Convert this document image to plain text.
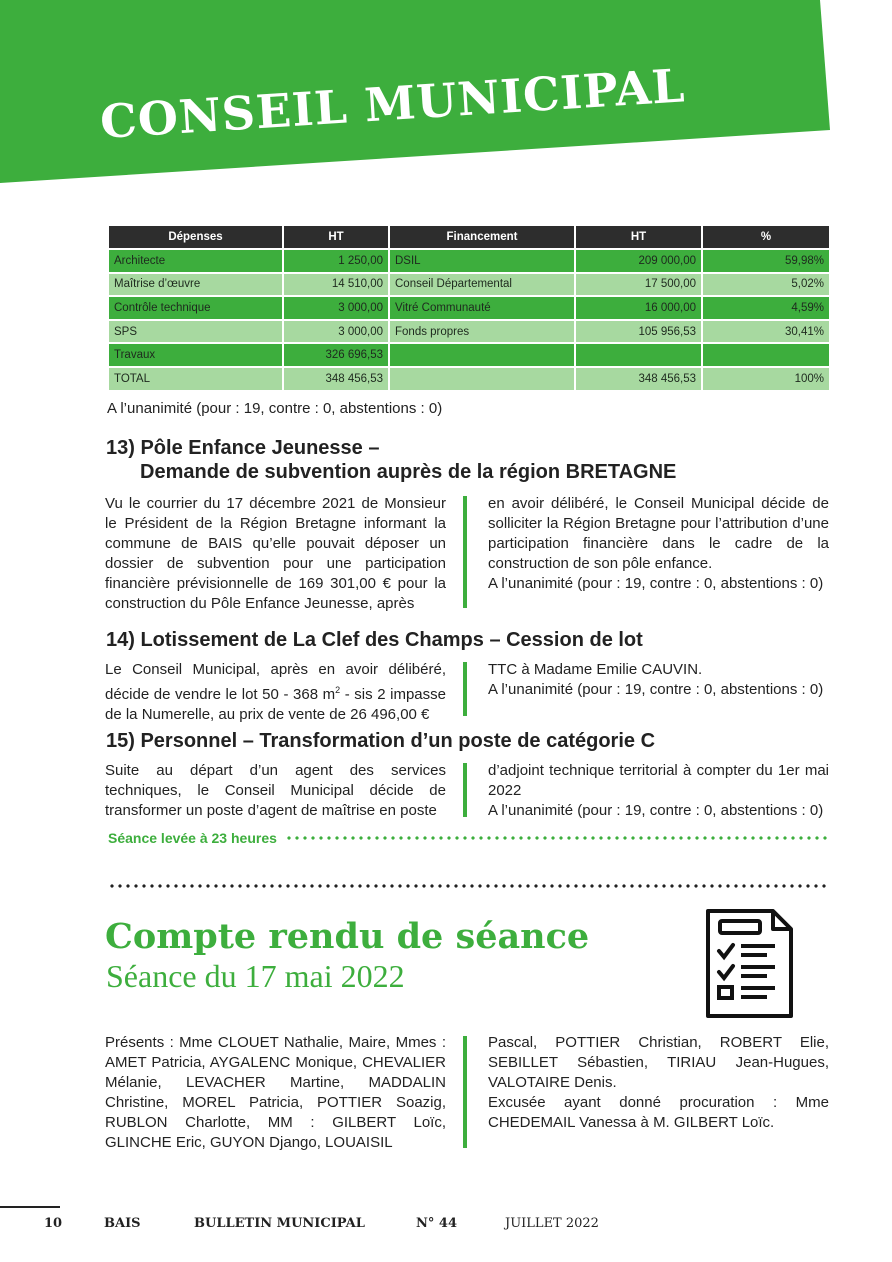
CONSEIL MUNICIPAL
Dépenses	HT	Financement	HT	%
Architecte	1 250,00	DSIL	209 000,00	59,98%
Maîtrise d’œuvre	14 510,00	Conseil Départemental	17 500,00	5,02%
Contrôle technique	3 000,00	Vitré Communauté	16 000,00	4,59%
SPS	3 000,00	Fonds propres	105 956,53	30,41%
Travaux	326 696,53			
TOTAL	348 456,53		348 456,53	100%
A l’unanimité (pour : 19, contre : 0, abstentions : 0)
13) Pôle Enfance Jeunesse –
Demande de subvention auprès de la région BRETAGNE

Vu le courrier du 17 décembre 2021 de Monsieur le Président de la Région Bretagne informant la commune de BAIS qu’elle pouvait déposer un dossier de subvention pour une participation financière prévisionnelle de 169 301,00 € pour la construction du Pôle Enfance Jeunesse, après

en avoir délibéré, le Conseil Municipal décide de solliciter la Région Bretagne pour l’attribution d’une participation financière dans le cadre de la construction de son pôle enfance.

A l’unanimité (pour : 19, contre : 0, abstentions : 0)

14) Lotissement de La Clef des Champs – Cession de lot

Le Conseil Municipal, après en avoir délibéré, décide de vendre le lot 50 - 368 $m^2$ - sis 2 impasse de la Numerelle, au prix de vente de 26 496,00 €

TTC à Madame Emilie CAUVIN.

A l’unanimité (pour : 19, contre : 0, abstentions : 0)

15) Personnel – Transformation d’un poste de catégorie C

Suite au départ d’un agent des services techniques, le Conseil Municipal décide de transformer un poste d’agent de maîtrise en poste

d’adjoint technique territorial à compter du 1er mai 2022

A l’unanimité (pour : 19, contre : 0, abstentions : 0)

Séance levée à 23 heures
Compte rendu de séance
Séance du 17 mai 2022

Présents : Mme CLOUET Nathalie, Maire, Mmes : AMET Patricia, AYGALENC Monique, CHEVALIER Mélanie, LEVACHER Martine, MADDALIN Christine, MOREL Patricia, POTTIER Soazig, RUBLON Charlotte, MM : GILBERT Loïc, GLINCHE Eric, GUYON Django, LOUAISIL

Pascal, POTTIER Christian, ROBERT Elie, SEBILLET Sébastien, TIRIAU Jean-Hugues, VALOTAIRE Denis.

Excusée ayant donné procuration : Mme CHEDEMAIL Vanessa à M. GILBERT Loïc.

10	BAIS	BULLETIN MUNICIPAL	N° 44	JUILLET 2022
